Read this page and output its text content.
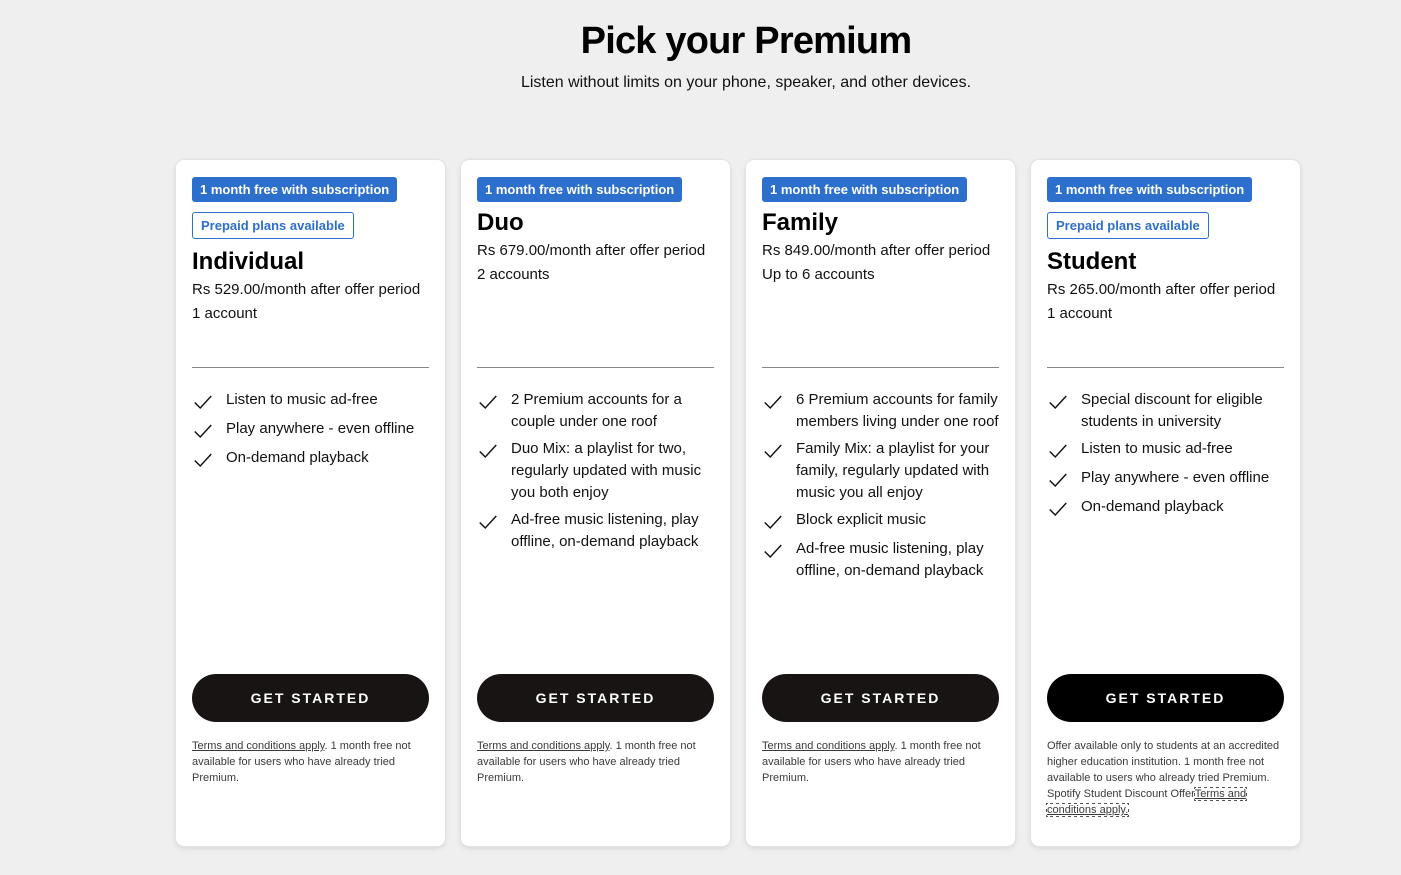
Pick your Premium

Listen without limits on your phone, speaker, and other devices.

1 month free with subscription
Prepaid plans available
Individual
Rs 529.00/month after offer period
1 account
Listen to music ad-free
Play anywhere - even offline
On-demand playback
GET STARTED
Terms and conditions apply. 1 month free not available for users who have already tried Premium.
1 month free with subscription
Duo
Rs 679.00/month after offer period
2 accounts
2 Premium accounts for a couple under one roof
Duo Mix: a playlist for two, regularly updated with music you both enjoy
Ad-free music listening, play offline, on-demand playback
GET STARTED
Terms and conditions apply. 1 month free not available for users who have already tried Premium.
1 month free with subscription
Family
Rs 849.00/month after offer period
Up to 6 accounts
6 Premium accounts for family members living under one roof
Family Mix: a playlist for your family, regularly updated with music you all enjoy
Block explicit music
Ad-free music listening, play offline, on-demand playback
GET STARTED
Terms and conditions apply. 1 month free not available for users who have already tried Premium.
1 month free with subscription
Prepaid plans available
Student
Rs 265.00/month after offer period
1 account
Special discount for eligible students in university
Listen to music ad-free
Play anywhere - even offline
On-demand playback
GET STARTED
Offer available only to students at an accredited higher education institution. 1 month free not available to users who already tried Premium. Spotify Student Discount OfferTerms and conditions apply.
